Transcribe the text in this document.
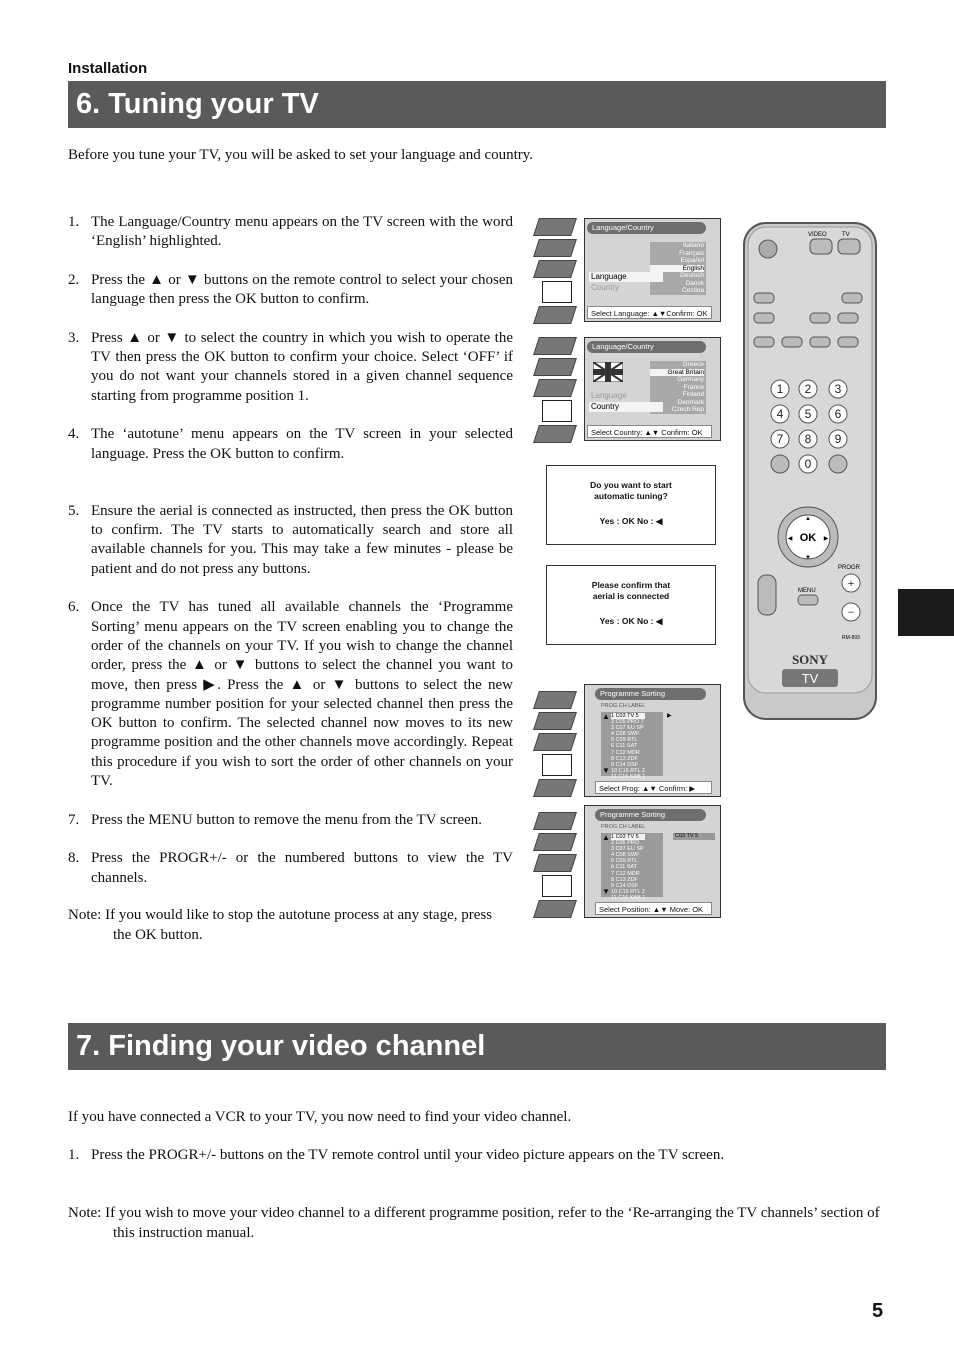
Installation
6. Tuning your TV
Before you tune your TV, you will be asked to set your language and country.
1. The Language/Country menu appears on the TV screen with the word ‘English’ highlighted.
2. Press the ▲ or ▼ buttons on the remote control to select your chosen language then press the OK button to confirm.
3. Press ▲ or ▼ to select the country in which you wish to operate the TV then press the OK button to confirm your choice. Select ‘OFF’ if you do not want your channels stored in a given channel sequence starting from programme position 1.
4. The ‘autotune’ menu appears on the TV screen in your selected language. Press the OK button to confirm.
5. Ensure the aerial is connected as instructed, then press the OK button to confirm. The TV starts to automatically search and store all available channels for you. This may take a few minutes - please be patient and do not press any buttons.
6. Once the TV has tuned all available channels the ‘Programme Sorting’ menu appears on the TV screen enabling you to change the order of the channels on your TV. If you wish to change the channel order, press the ▲ or ▼ buttons to select the channel you want to move, then press ▶. Press the ▲ or ▼ buttons to select the new programme number position for your selected channel then press the OK button to confirm. The selected channel now moves to its new programme position and the other channels move accordingly. Repeat this procedure if you wish to sort the order of other channels on your TV.
7. Press the MENU button to remove the menu from the TV screen.
8. Press the PROGR+/- or the numbered buttons to view the TV channels.
Note: If you would like to stop the autotune process at any stage, press the OK button.
Language/Country
Italiano
Français
Español
English
Deutsch
Dansk
Cestina
Language
Country
Select Language: ▲▼Confirm: OK
Language/Country
Greece
Great Britain
Germany
France
Finland
Denmark
Czech Rep
Language
Country
Select Country: ▲▼ Confirm: OK
Do you want to start
automatic tuning?
Yes : OK No : ◀
Please confirm that
aerial is connected
Yes : OK No : ◀
Programme Sorting
PROG CH LABEL
1 C03 TV 5
2 C05 PRO 7
3 C07 EU SP
4 C08 SWF
5 C09 RTL
6 C11 SAT
7 C12 MDR
8 C13 ZDF
9 C14 DSF
10 C15 RTL 2
11 C16 KAB 1
▲
▼
▶
Select Prog: ▲▼ Confirm: ▶
Programme Sorting
PROG CH LABEL
1 C03 TV 5
2 C05 PRO
3 C07 EU SP
4 C08 SWF
5 C09 RTL
6 C11 SAT
7 C12 MDR
8 C13 ZDF
9 C14 DSF
10 C15 RTL 2
11 C16 KAB 1
▲
▼
C03 TV 5
Select Position: ▲▼ Move: OK
VIDEO	TV
1 2 3
4 5 6
7 8 9
0
OK
▲
▼
◀	▶
+
−
PROGR
MENU
RM-893
SONY
TV
7. Finding your video channel
If you have connected a VCR to your TV, you now need to find your video channel.
1. Press the PROGR+/- buttons on the TV remote control until your video picture appears on the TV screen.
Note: If you wish to move your video channel to a different programme position, refer to the ‘Re-arranging the TV channels’ section of this instruction manual.
5
